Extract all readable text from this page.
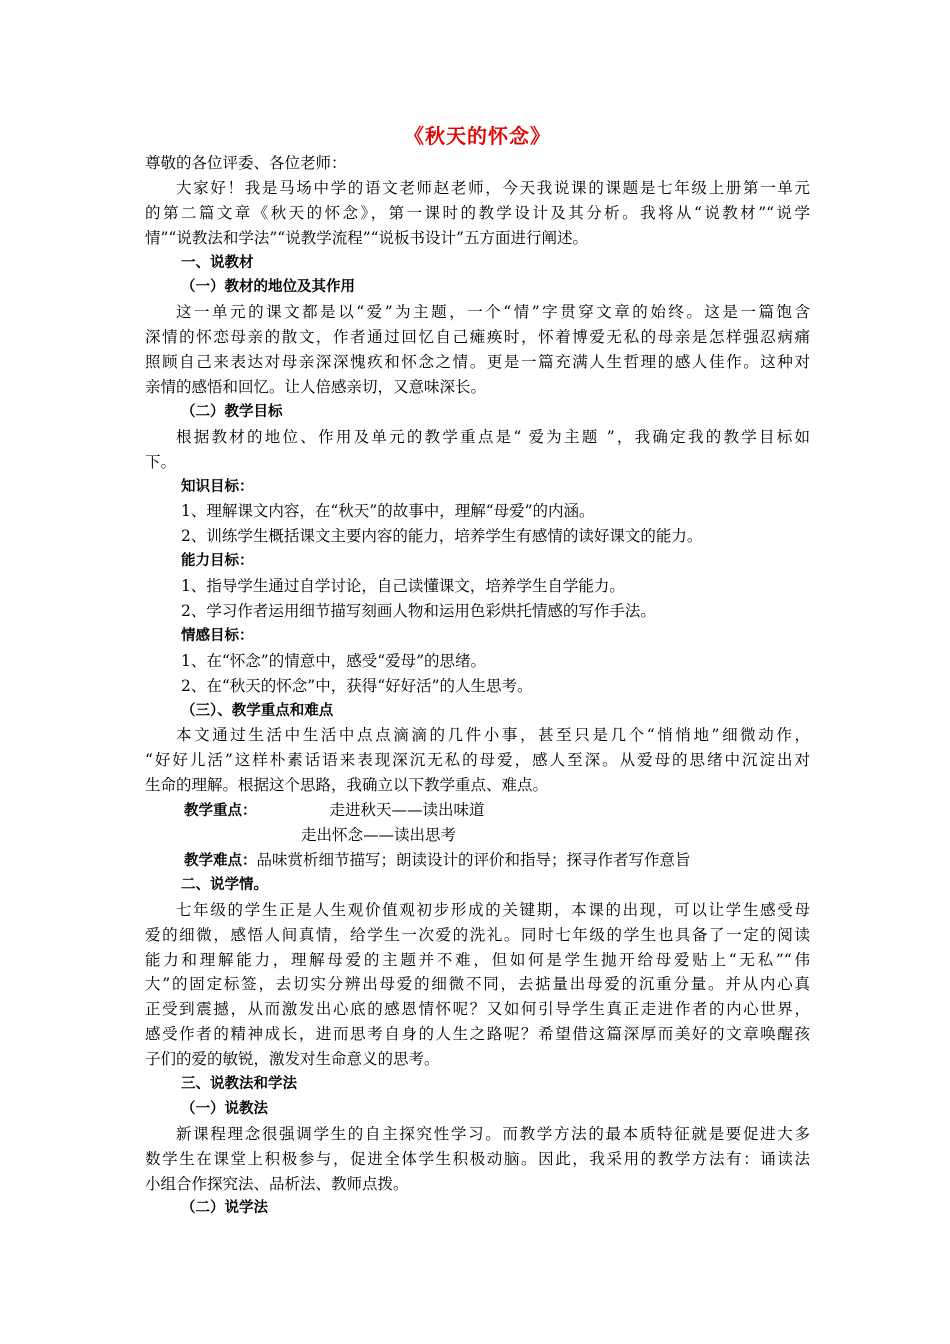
《秋天的怀念》
尊敬的各位评委、各位老师：
大家好！我是马场中学的语文老师赵老师，今天我说课的课题是七年级上册第一单元
的第二篇文章《秋天的怀念》，第一课时的教学设计及其分析。我将从“说教材”“说学
情”“说教法和学法”“说教学流程”“说板书设计”五方面进行阐述。
一、说教材
（一）教材的地位及其作用
这一单元的课文都是以“爱”为主题，一个“情”字贯穿文章的始终。这是一篇饱含
深情的怀恋母亲的散文，作者通过回忆自己瘫痪时，怀着博爱无私的母亲是怎样强忍病痛
照顾自己来表达对母亲深深愧疚和怀念之情。更是一篇充满人生哲理的感人佳作。这种对
亲情的感悟和回忆。让人倍感亲切，又意味深长。
（二）教学目标
根据教材的地位、作用及单元的教学重点是“ 爱为主题 ”，我确定我的教学目标如
下。
知识目标：
1、理解课文内容，在“秋天”的故事中，理解“母爱”的内涵。
2、训练学生概括课文主要内容的能力，培养学生有感情的读好课文的能力。
能力目标：
1、指导学生通过自学讨论，自己读懂课文，培养学生自学能力。
2、学习作者运用细节描写刻画人物和运用色彩烘托情感的写作手法。
情感目标：
1、在“怀念”的情意中，感受“爱母”的思绪。
2、在“秋天的怀念”中，获得“好好活”的人生思考。
（三）、教学重点和难点
本文通过生活中生活中点点滴滴的几件小事，甚至只是几个“悄悄地”细微动作，
“好好儿活”这样朴素话语来表现深沉无私的母爱，感人至深。从爱母的思绪中沉淀出对
生命的理解。根据这个思路，我确立以下教学重点、难点。
教学重点：	走进秋天——读出味道
走出怀念——读出思考
教学难点：品味赏析细节描写；朗读设计的评价和指导；探寻作者写作意旨
二、说学情。
七年级的学生正是人生观价值观初步形成的关键期，本课的出现，可以让学生感受母
爱的细微，感悟人间真情，给学生一次爱的洗礼。同时七年级的学生也具备了一定的阅读
能力和理解能力，理解母爱的主题并不难，但如何是学生抛开给母爱贴上“无私”“伟
大”的固定标签，去切实分辨出母爱的细微不同，去掂量出母爱的沉重分量。并从内心真
正受到震撼，从而激发出心底的感恩情怀呢？又如何引导学生真正走进作者的内心世界，
感受作者的精神成长，进而思考自身的人生之路呢？希望借这篇深厚而美好的文章唤醒孩
子们的爱的敏锐，激发对生命意义的思考。
三、说教法和学法
（一）说教法
新课程理念很强调学生的自主探究性学习。而教学方法的最本质特征就是要促进大多
数学生在课堂上积极参与，促进全体学生积极动脑。因此，我采用的教学方法有：诵读法
小组合作探究法、品析法、教师点拨。
（二）说学法
